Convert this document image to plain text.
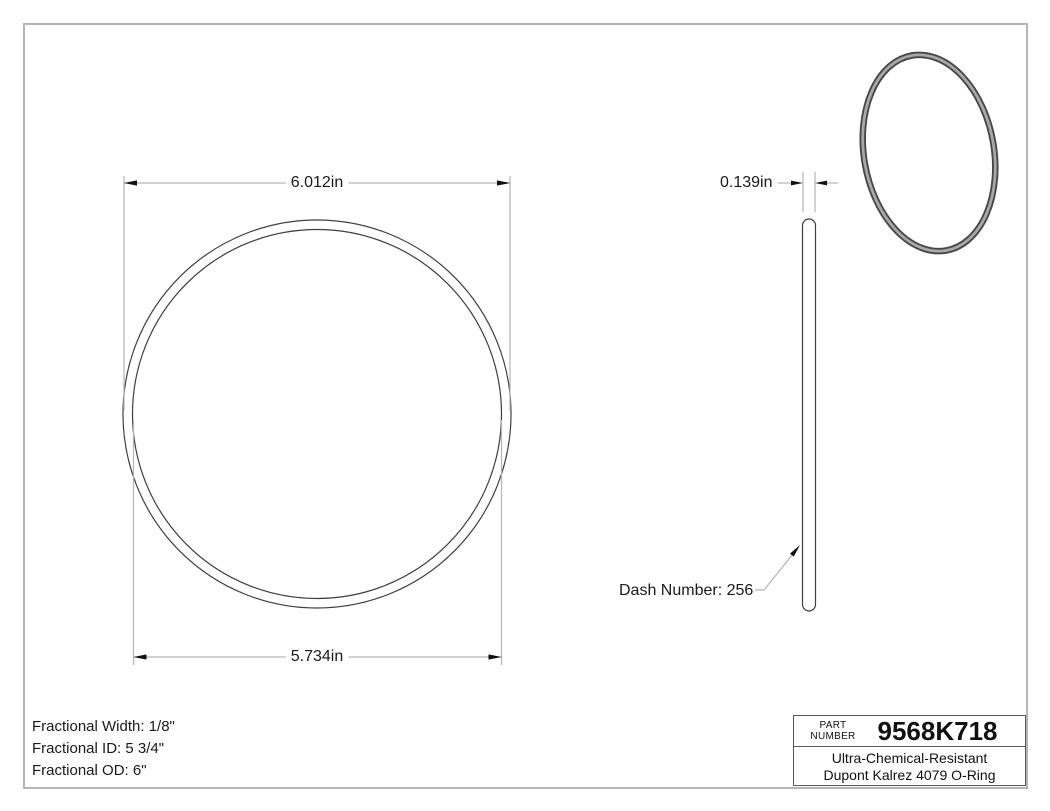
6.012in
5.734in
0.139in
Dash Number: 256
Fractional Width: 1/8"
Fractional ID: 5 3/4"
Fractional OD: 6"
PART
NUMBER 9568K718
Ultra-Chemical-Resistant
Dupont Kalrez 4079 O-Ring
